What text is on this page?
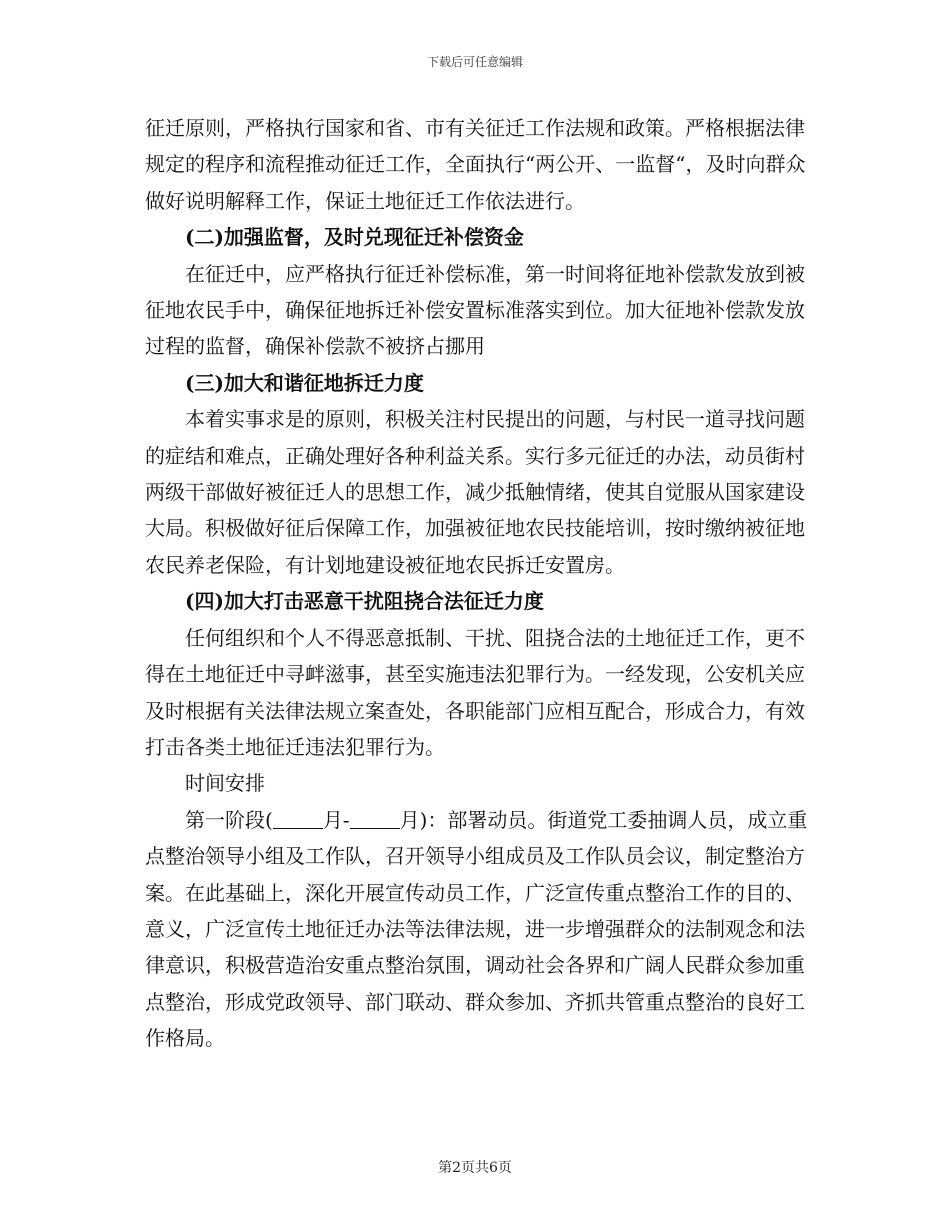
下载后可任意编辑

征迁原则，严格执行国家和省、市有关征迁工作法规和政策。严格根据法律规定的程序和流程推动征迁工作，全面执行“两公开、一监督“，及时向群众做好说明解释工作，保证土地征迁工作依法进行。

(二)加强监督，及时兑现征迁补偿资金

在征迁中，应严格执行征迁补偿标准，第一时间将征地补偿款发放到被征地农民手中，确保征地拆迁补偿安置标准落实到位。加大征地补偿款发放过程的监督，确保补偿款不被挤占挪用

(三)加大和谐征地拆迁力度

本着实事求是的原则，积极关注村民提出的问题，与村民一道寻找问题的症结和难点，正确处理好各种利益关系。实行多元征迁的办法，动员街村两级干部做好被征迁人的思想工作，减少抵触情绪，使其自觉服从国家建设大局。积极做好征后保障工作，加强被征地农民技能培训，按时缴纳被征地农民养老保险，有计划地建设被征地农民拆迁安置房。

(四)加大打击恶意干扰阻挠合法征迁力度

任何组织和个人不得恶意抵制、干扰、阻挠合法的土地征迁工作，更不得在土地征迁中寻衅滋事，甚至实施违法犯罪行为。一经发现，公安机关应及时根据有关法律法规立案查处，各职能部门应相互配合，形成合力，有效打击各类土地征迁违法犯罪行为。

时间安排

第一阶段(	月-	月)：部署动员。街道党工委抽调人员，成立重点整治领导小组及工作队，召开领导小组成员及工作队员会议，制定整治方案。在此基础上，深化开展宣传动员工作，广泛宣传重点整治工作的目的、意义，广泛宣传土地征迁办法等法律法规，进一步增强群众的法制观念和法律意识，积极营造治安重点整治氛围，调动社会各界和广阔人民群众参加重点整治，形成党政领导、部门联动、群众参加、齐抓共管重点整治的良好工作格局。

第2页共6页
